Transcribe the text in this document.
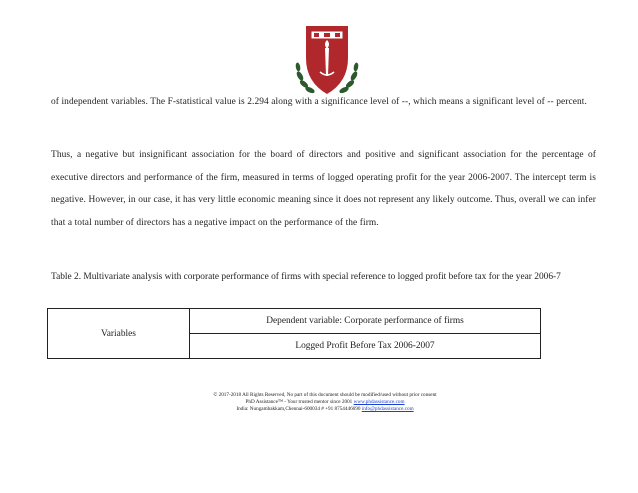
of independent variables. The F-statistical value is 2.294 along with a significance level of --, which means a significant level of -- percent.

Thus, a negative but insignificant association for the board of directors and positive and significant association for the percentage of executive directors and performance of the firm, measured in terms of logged operating profit for the year 2006-2007. The intercept term is negative. However, in our case, it has very little economic meaning since it does not represent any likely outcome. Thus, overall we can infer that a total number of directors has a negative impact on the performance of the firm.

Table 2. Multivariate analysis with corporate performance of firms with special reference to logged profit before tax for the year 2006-7

Variables	Dependent variable: Corporate performance of firms
Logged Profit Before Tax 2006-2007
© 2017-2018 All Rights Reserved, No part of this document should be modified/used without prior consent
PhD Assistance™ - Your trusted mentor since 2001 www.phdassistance.com
India: Nungambakkam,Chennai-600034 # +91 8754446690 info@phdassistance.com
